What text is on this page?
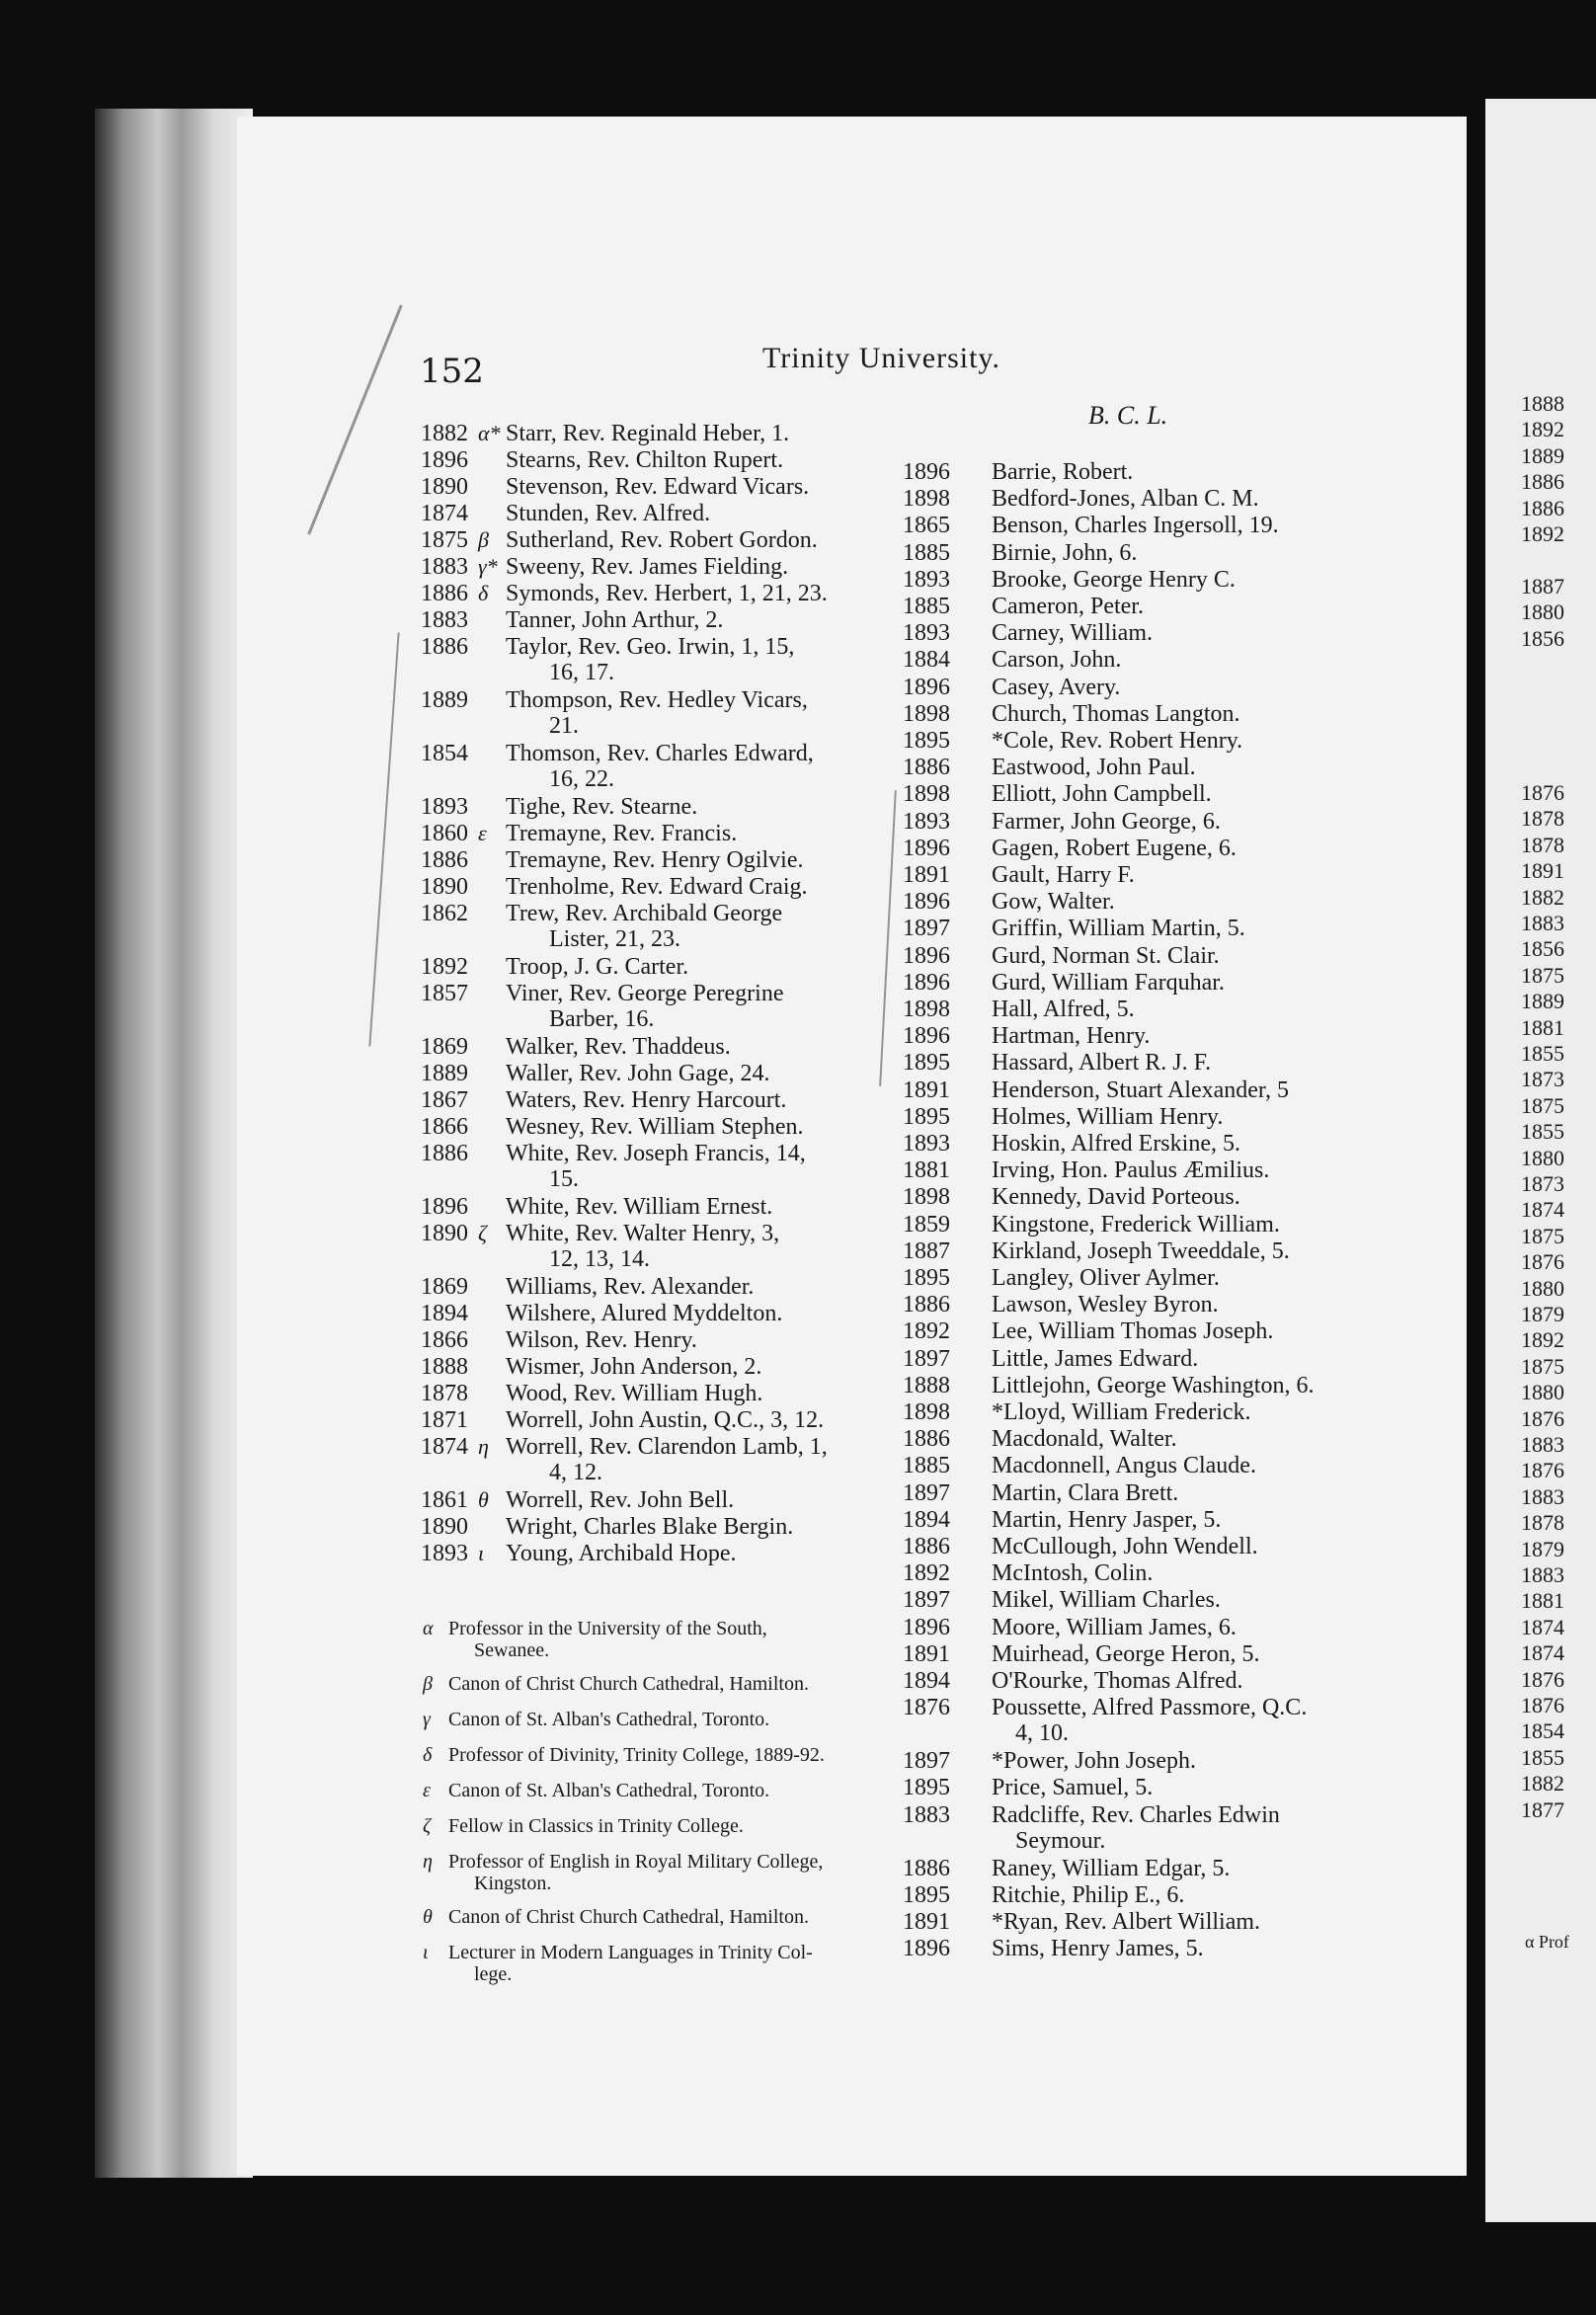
1888
1892
1889
1886
1886
1892
1887
1880
1856
1876
1878
1878
1891
1882
1883
1856
1875
1889
1881
1855
1873
1875
1855
1880
1873
1874
1875
1876
1880
1879
1892
1875
1880
1876
1883
1876
1883
1878
1879
1883
1881
1874
1874
1876
1876
1854
1855
1882
1877
α Prof
152	Trinity University.
B. C. L.
1882 α* Starr, Rev. Reginald Heber, 1.
1896 Stearns, Rev. Chilton Rupert.
1890 Stevenson, Rev. Edward Vicars.
1874 Stunden, Rev. Alfred.
1875 β Sutherland, Rev. Robert Gordon.
1883 γ* Sweeny, Rev. James Fielding.
1886 δ Symonds, Rev. Herbert, 1, 21, 23.
1883 Tanner, John Arthur, 2.
1886 Taylor, Rev. Geo. Irwin, 1, 15,
16, 17.
1889 Thompson, Rev. Hedley Vicars,
21.
1854 Thomson, Rev. Charles Edward,
16, 22.
1893 Tighe, Rev. Stearne.
1860 ε Tremayne, Rev. Francis.
1886 Tremayne, Rev. Henry Ogilvie.
1890 Trenholme, Rev. Edward Craig.
1862 Trew, Rev. Archibald George
Lister, 21, 23.
1892 Troop, J. G. Carter.
1857 Viner, Rev. George Peregrine
Barber, 16.
1869 Walker, Rev. Thaddeus.
1889 Waller, Rev. John Gage, 24.
1867 Waters, Rev. Henry Harcourt.
1866 Wesney, Rev. William Stephen.
1886 White, Rev. Joseph Francis, 14,
15.
1896 White, Rev. William Ernest.
1890 ζ White, Rev. Walter Henry, 3,
12, 13, 14.
1869 Williams, Rev. Alexander.
1894 Wilshere, Alured Myddelton.
1866 Wilson, Rev. Henry.
1888 Wismer, John Anderson, 2.
1878 Wood, Rev. William Hugh.
1871 Worrell, John Austin, Q.C., 3, 12.
1874 η Worrell, Rev. Clarendon Lamb, 1,
4, 12.
1861 θ Worrell, Rev. John Bell.
1890 Wright, Charles Blake Bergin.
1893 ι Young, Archibald Hope.
α Professor in the University of the South,
Sewanee.
β Canon of Christ Church Cathedral, Hamilton.
γ Canon of St. Alban's Cathedral, Toronto.
δ Professor of Divinity, Trinity College, 1889-92.
ε Canon of St. Alban's Cathedral, Toronto.
ζ Fellow in Classics in Trinity College.
η Professor of English in Royal Military College,
Kingston.
θ Canon of Christ Church Cathedral, Hamilton.
ι Lecturer in Modern Languages in Trinity Col-
lege.
1896 Barrie, Robert.
1898 Bedford-Jones, Alban C. M.
1865 Benson, Charles Ingersoll, 19.
1885 Birnie, John, 6.
1893 Brooke, George Henry C.
1885 Cameron, Peter.
1893 Carney, William.
1884 Carson, John.
1896 Casey, Avery.
1898 Church, Thomas Langton.
1895 *Cole, Rev. Robert Henry.
1886 Eastwood, John Paul.
1898 Elliott, John Campbell.
1893 Farmer, John George, 6.
1896 Gagen, Robert Eugene, 6.
1891 Gault, Harry F.
1896 Gow, Walter.
1897 Griffin, William Martin, 5.
1896 Gurd, Norman St. Clair.
1896 Gurd, William Farquhar.
1898 Hall, Alfred, 5.
1896 Hartman, Henry.
1895 Hassard, Albert R. J. F.
1891 Henderson, Stuart Alexander, 5
1895 Holmes, William Henry.
1893 Hoskin, Alfred Erskine, 5.
1881 Irving, Hon. Paulus Æmilius.
1898 Kennedy, David Porteous.
1859 Kingstone, Frederick William.
1887 Kirkland, Joseph Tweeddale, 5.
1895 Langley, Oliver Aylmer.
1886 Lawson, Wesley Byron.
1892 Lee, William Thomas Joseph.
1897 Little, James Edward.
1888 Littlejohn, George Washington, 6.
1898 *Lloyd, William Frederick.
1886 Macdonald, Walter.
1885 Macdonnell, Angus Claude.
1897 Martin, Clara Brett.
1894 Martin, Henry Jasper, 5.
1886 McCullough, John Wendell.
1892 McIntosh, Colin.
1897 Mikel, William Charles.
1896 Moore, William James, 6.
1891 Muirhead, George Heron, 5.
1894 O'Rourke, Thomas Alfred.
1876 Poussette, Alfred Passmore, Q.C.
4, 10.
1897 *Power, John Joseph.
1895 Price, Samuel, 5.
1883 Radcliffe, Rev. Charles Edwin
Seymour.
1886 Raney, William Edgar, 5.
1895 Ritchie, Philip E., 6.
1891 *Ryan, Rev. Albert William.
1896 Sims, Henry James, 5.
